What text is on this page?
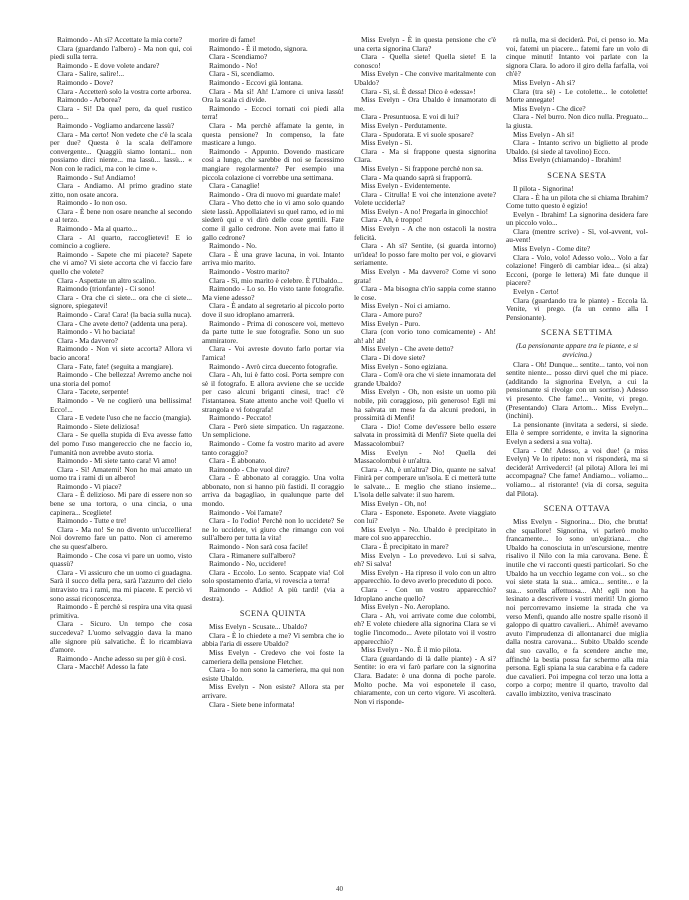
Raimondo - Ah sì? Accettate la mia corte?

Clara (guardando l'albero) - Ma non qui, coi piedi sulla terra.

Raimondo - E dove volete andare?

Clara - Salire, salire!...

Raimondo - Dove?

Clara - Accetterò solo la vostra corte arborea.

Raimondo - Arborea?

Clara - Sì! Da quel pero, da quel rustico pero...

Raimondo - Vogliamo andarcene lassù?

Clara - Ma certo! Non vedete che c'è la scala per due? Questa è la scala dell'amore convergente... Quaggiù siamo lontani... non possiamo dirci niente... ma lassù... lassù... « Non con le radici, ma con le cime ».

Raimondo - Su! Andiamo!

Clara - Andiamo. Al primo gradino state zitto, non osate ancora.

Raimondo - Io non oso.

Clara - È bene non osare neanche al secondo e al terzo.

Raimondo - Ma al quarto...

Clara - Al quarto, raccoglietevi! E io comincio a cogliere.

Raimondo - Sapete che mi piacete? Sapete che vi amo? Vi siete accorta che vi faccio fare quello che volete?

Clara - Aspettate un altro scalino.

Raimondo (trionfante) - Ci sono!

Clara - Ora che ci siete... ora che ci siete... signore, spiegatevi!

Raimondo - Cara! Cara! (la bacia sulla nuca).

Clara - Che avete detto? (addenta una pera).

Raimondo - Vi ho baciata!

Clara - Ma davvero?

Raimondo - Non vi siete accorta? Allora vi bacio ancora!

Clara - Fate, fate! (seguita a mangiare).

Raimondo - Che bellezza! Avremo anche noi una storia del pomo!

Clara - Tacete, serpente!

Raimondo - Ve ne coglierò una bellissima! Ecco!...

Clara - E vedete l'uso che ne faccio (mangia).

Raimondo - Siete deliziosa!

Clara - Se quella stupida di Eva avesse fatto del pomo l'uso mangereccio che ne faccio io, l'umanità non avrebbe avuto storia.

Raimondo - Mi siete tanto cara! Vi amo!

Clara - Sì! Amatemi! Non ho mai amato un uomo tra i rami di un albero!

Raimondo - Vi piace?

Clara - È delizioso. Mi pare di essere non so bene se una tortora, o una cincia, o una capinera... Scegliete!

Raimondo - Tutte e tre!

Clara - Ma no! Se no divento un'uccelliera! Noi dovremo fare un patto. Non ci ameremo che su quest'albero.

Raimondo - Che cosa vi pare un uomo, visto quassù?

Clara - Vi assicuro che un uomo ci guadagna. Sarà il succo della pera, sarà l'azzurro del cielo intravisto tra i rami, ma mi piacete. E perciò vi sono assai riconoscenza.

Raimondo - È perchè si respira una vita quasi primitiva.

Clara - Sicuro. Un tempo che cosa succedeva? L'uomo selvaggio dava la mano alle signore più salvatiche. È lo ricambiava d'amore.

Raimondo - Anche adesso su per giù è così.

Clara - Macchè! Adesso la fate

morire di fame!

Raimondo - È il metodo, signora.

Clara - Scendiamo?

Raimondo - No!

Clara - Sì, scendiamo.

Raimondo - Eccovi già lontana.

Clara - Ma sì! Ah! L'amore ci univa lassù! Ora la scala ci divide.

Raimondo - Eccoci tornati coi piedi alla terra!

Clara - Ma perchè affamate la gente, in questa pensione? In compenso, la fate masticare a lungo.

Raimondo - Appunto. Dovendo masticare così a lungo, che sarebbe di noi se facessimo mangiare regolarmente? Per esempio una piccola colazione ci vorrebbe una settimana.

Clara - Canaglie!

Raimondo - Ora di nuovo mi guardate male!

Clara - Vho detto che io vi amo solo quando siete lassù. Appollaiatevi su quel ramo, ed io mi siederò qui e vi dirò delle cose gentili. Fate come il gallo cedrone. Non avete mai fatto il gallo cedrone?

Raimondo - No.

Clara - È una grave lacuna, in voi. Intanto arriva mio marito.

Raimondo - Vostro marito?

Clara - Sì, mio marito è celebre. È l'Ubaldo...

Raimondo - Lo so. Ho visto tante fotografie. Ma viene adesso?

Clara - È andato al segretario al piccolo porto dove il suo idroplano amarrerà.

Raimondo - Prima di conoscere voi, mettevo da parte tutte le sue fotografie. Sono un suo ammiratore.

Clara - Voi avreste dovuto farlo portar via l'amica!

Raimondo - Avrò circa duecento fotografie.

Clara - Ah, lui è fatto così. Porta sempre con sè il fotografo. E allora avviene che se uccide per caso alcuni briganti cinesi, trac! c'è l'istantanea. State attento anche voi! Quello vi strangola e vi fotografa!

Raimondo - Peccato!

Clara - Però siete simpatico. Un ragazzone. Un semplicione.

Raimondo - Come fa vostro marito ad avere tanto coraggio?

Clara - È abbonato.

Raimondo - Che vuol dire?

Clara - È abbonato al coraggio. Una volta abbonato, non si hanno più fastidi. Il coraggio arriva da bagagliao, in qualunque parte del mondo.

Raimondo - Voi l'amate?

Clara - Io l'odio! Perchè non lo uccidete? Se ne lo uccidete, vi giuro che rimango con voi sull'albero per tutta la vita!

Raimondo - Non sarà cosa facile!

Clara - Rimanere sull'albero?

Raimondo - No, uccidere!

Clara - Eccolo. Lo sento. Scappate via! Col solo spostamento d'aria, vi rovescia a terra!

Raimondo - Addio! A più tardi! (via a destra).

SCENA QUINTA

Miss Evelyn - Scusate... Ubaldo?

Clara - È lo chiedete a me? Vi sembra che io abbia l'aria di essere Ubaldo?

Miss Evelyn - Credevo che voi foste la cameriera della pensione Fletcher.

Clara - Io non sono la cameriera, ma qui non esiste Ubaldo.

Miss Evelyn - Non esiste? Allora sta per arrivare.

Clara - Siete bene informata!

Miss Evelyn - È in questa pensione che c'è una certa signorina Clara?

Clara - Quella siete! Quella siete! E la conosco!

Miss Evelyn - Che convive maritalmente con Ubaldo?

Clara - Sì, sì. È dessa! Dico è «dessa»!

Miss Evelyn - Ora Ubaldo è innamorato di me.

Clara - Presuntuosa. E voi di lui?

Miss Evelyn - Perdutamente.

Clara - Spudorata. E vi suole sposare?

Miss Evelyn - Sì.

Clara - Ma si frappone questa signorina Clara.

Miss Evelyn - Si frappone perchè non sa.

Clara - Ma quando saprà si frapporrà.

Miss Evelyn - Evidentemente.

Clara - Citrulla! E voi che intenzione avete? Volete ucciderla?

Miss Evelyn - A no! Pregarla in ginocchio!

Clara - Ah, è troppo!

Miss Evelyn - A che non ostacoli la nostra felicità.

Clara - Ah sì? Sentite, (si guarda intorno) un'idea! Io posso fare molto per voi, e giovarvi seriamente.

Miss Evelyn - Ma davvero? Come vi sono grata!

Clara - Ma bisogna ch'io sappia come stanno le cose.

Miss Evelyn - Noi ci amiamo.

Clara - Amore puro?

Miss Evelyn - Puro.

Clara (con vorio tono comicamente) - Ah! ah! ah! ah!

Miss Evelyn - Che avete detto?

Clara - Di dove siete?

Miss Evelyn - Sono egiziana.

Clara - Com'è ora che vi siete innamorata del grande Ubaldo?

Miss Evelyn - Oh, non esiste un uomo più nobile, più coraggioso, più generoso! Egli mi ha salvata un mese fa da alcuni predoni, in prossimità di Menfi!

Clara - Dio! Come dev'essere bello essere salvata in prossimità di Menfi? Siete quella dei Massacolombui?

Miss Evelyn - No! Quella dei Massacolombui è un'altra.

Clara - Ah, è un'altra? Dio, quante ne salva! Finirà per comperare un'isola. E ci metterà tutte le salvate... E meglio che stiano insieme... L'isola delle salvate: il suo harem.

Miss Evelyn - Oh, no!

Clara - Esponete. Esponete. Avete viaggiato con lui?

Miss Evelyn - No. Ubaldo è precipitato in mare col suo apparecchio.

Clara - È precipitato in mare?

Miss Evelyn - Lo prevedevo. Lui si salva, eh? Si salva!

Miss Evelyn - Ha ripreso il volo con un altro apparecchio. Io devo averlo preceduto di poco.

Clara - Con un vostro apparecchio? Idroplano anche quello?

Miss Evelyn - No. Aeroplano.

Clara - Ah, voi arrivate come due colombi, eh? E volete chiedere alla signorina Clara se vi toglie l'incomodo... Avete pilotato voi il vostro apparecchio?

Miss Evelyn - No. È il mio pilota.

Clara (guardando di là dalle piante) - A sì? Sentite: io era vi farò parlare con la signorina Clara. Badate: è una donna di poche parole. Molto poche. Ma voi esponetele il caso, chiaramente, con un certo vigore. Vi ascolterà. Non vi risponde-

rà nulla, ma si deciderà. Poi, ci penso io. Ma voi, fatemi un piacere... fatemi fare un volo di cinque minuti! Intanto voi parlate con la signora Clara. Io adoro il giro della farfalla, voi ch'è?

Miss Evelyn - Ah sì?

Clara (tra sè) - Le cotolette... le cotolette! Morte annegate!

Miss Evelyn - Che dice?

Clara - Nel burro. Non dico nulla. Preguato... la giusta.

Miss Evelyn - Ah sì!

Clara - Intanto scrivo un biglietto al prode Ubaldo. (si siede al tavolino) Ecco.

Miss Evelyn (chiamando) - Ibrahim!

SCENA SESTA

Il pilota - Signorina!

Clara - È ha un pilota che si chiama Ibrahim? Come tutto questo è egizio!

Evelyn - Ibrahim! La signorina desidera fare un piccolo volo...

Clara (mentre scrive) - Sì, vol-avvent, vol-au-vent!

Miss Evelyn - Come dite?

Clara - Volo, volo! Adesso volo... Volo a far colazione! Fingerò di cambiar idea... (si alza) Ecconi, (porge le lettera) Mi fate dunque il piacere?

Evelyn - Certo!

Clara (guardando tra le piante) - Eccola là. Venite, vi prego. (fa un cenno alla I Pensionante).

SCENA SETTIMA
(La pensionante appare tra le piante, e si avvicina.)

Clara - Oh! Dunque... sentite... tanto, voi non sentite niente... posso dirvi quel che mi piace. (additando la signorina Evelyn, a cui la pensionante si rivolge con un sorriso.) Adesso vi presento. Che fame!... Venite, vi prego. (Presentando) Clara Artom... Miss Evelyn... (inchini).

La pensionante (invitata a sedersi, si siede. Ella è sempre sorridente, e invita la signorina Evelyn a sedersi a sua volta).

Clara - Oh! Adesso, a voi due! (a miss Evelyn) Ve lo ripeto: non vi risponderà, ma si deciderà! Arrivederci! (al pilota) Allora lei mi accompagna? Che fame! Andiamo... voliamo... voliamo... al ristorante! (via di corsa, seguita dal Pilota).

SCENA OTTAVA

Miss Evelyn - Signorina... Dio, che brutta! che squallore! Signorina, vi parlerò molto francamente... Io sono un'egiziana... che Ubaldo ha conosciuta in un'escursione, mentre risalivo il Nilo con la mia carovana. Bene. È inutile che vi racconti questi particolari. So che Ubaldo ha un vecchio legame con voi... so che voi siete stata la sua... amica... sentite... e la sua... sorella affettuosa... Ah! egli non ha lesinato a descrivere i vostri meriti! Un giorno noi percorrevamo insieme la strada che va verso Menfi, quando alle nostre spalle risonò il galoppo di quattro cavalieri... Ahimè! avevamo avuto l'imprudenza di allontanarci due miglia dalla nostra carovana... Subito Ubaldo scende dal suo cavallo, e fa scendere anche me, affinchè la bestia possa far schermo alla mia persona. Egli spiana la sua carabina e fa cadere due cavalieri. Poi impegna col terzo una lotta a corpo a corpo; mentre il quarto, travolto dal cavallo imbizzito, veniva trascinato

40
